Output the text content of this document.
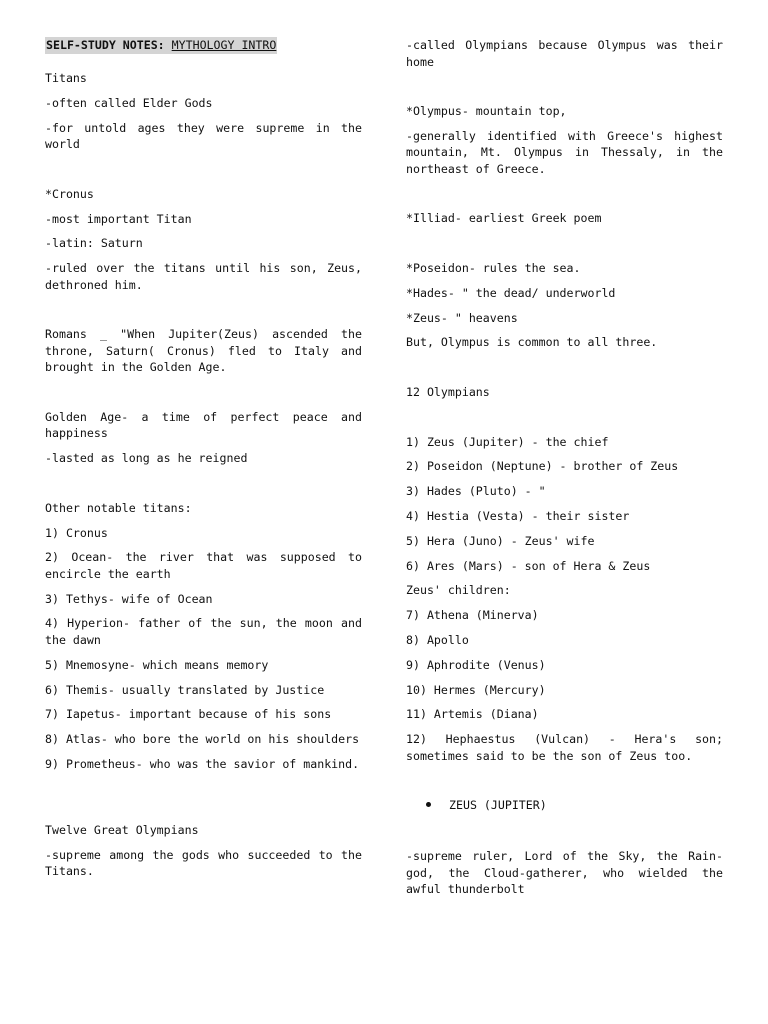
SELF-STUDY NOTES: MYTHOLOGY INTRO
Titans
-often called Elder Gods
-for untold ages they were supreme in the world
*Cronus
-most important Titan
-latin: Saturn
-ruled over the titans until his son, Zeus, dethroned him.
Romans _ "When Jupiter(Zeus) ascended the throne, Saturn( Cronus) fled to Italy and brought in the Golden Age.
Golden Age- a time of perfect peace and happiness
-lasted as long as he reigned
Other notable titans:
1) Cronus
2) Ocean- the river that was supposed to encircle the earth
3) Tethys- wife of Ocean
4) Hyperion- father of the sun, the moon and the dawn
5) Mnemosyne- which means memory
6) Themis- usually translated by Justice
7) Iapetus- important because of his sons
8) Atlas- who bore the world on his shoulders
9) Prometheus- who was the savior of mankind.
Twelve Great Olympians
-supreme among the gods who succeeded to the Titans.
-called Olympians because Olympus was their home
*Olympus- mountain top,
-generally identified with Greece's highest mountain, Mt. Olympus in Thessaly, in the northeast of Greece.
*Illiad- earliest Greek poem
*Poseidon- rules the sea.
*Hades- " the dead/ underworld
*Zeus- " heavens
But, Olympus is common to all three.
12 Olympians
1) Zeus (Jupiter) - the chief
2) Poseidon (Neptune) - brother of Zeus
3) Hades (Pluto) - "
4) Hestia (Vesta) - their sister
5) Hera (Juno) - Zeus' wife
6) Ares (Mars) - son of Hera & Zeus
Zeus' children:
7) Athena (Minerva)
8) Apollo
9) Aphrodite (Venus)
10) Hermes (Mercury)
11) Artemis (Diana)
12) Hephaestus (Vulcan) - Hera's son; sometimes said to be the son of Zeus too.
ZEUS (JUPITER)
-supreme ruler, Lord of the Sky, the Rain-god, the Cloud-gatherer, who wielded the awful thunderbolt
